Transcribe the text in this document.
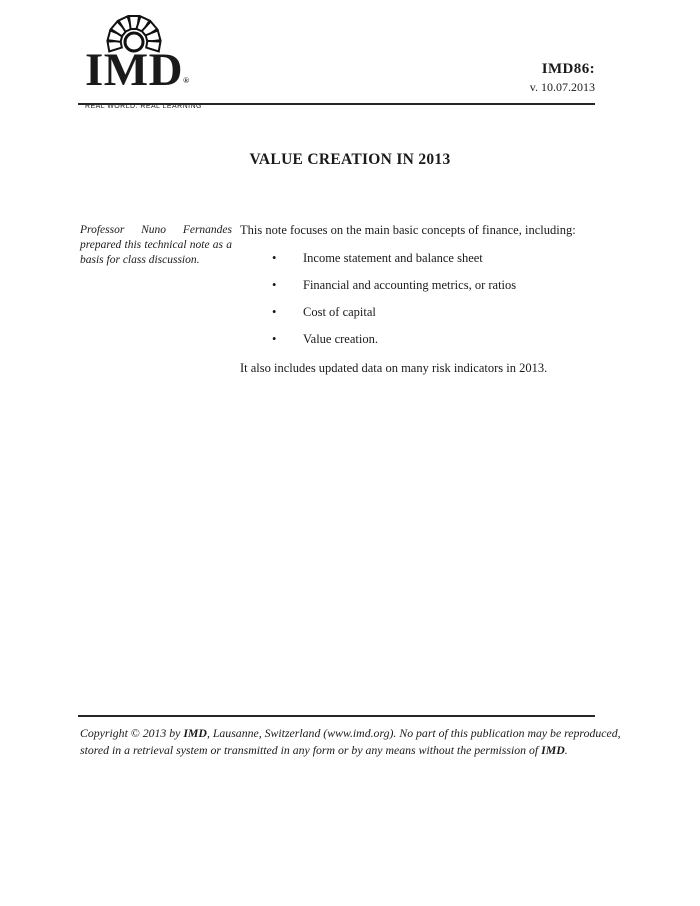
IMD®
REAL WORLD. REAL LEARNING
IMD86:
v. 10.07.2013
VALUE CREATION IN 2013
Professor Nuno Fernandes prepared this technical note as a basis for class discussion.

This note focuses on the main basic concepts of finance, including:

•	Income statement and balance sheet
•	Financial and accounting metrics, or ratios
•	Cost of capital
•	Value creation.

It also includes updated data on many risk indicators in 2013.

Copyright © 2013 by IMD, Lausanne, Switzerland (www.imd.org). No part of this publication may be reproduced,
stored in a retrieval system or transmitted in any form or by any means without the permission of IMD.
